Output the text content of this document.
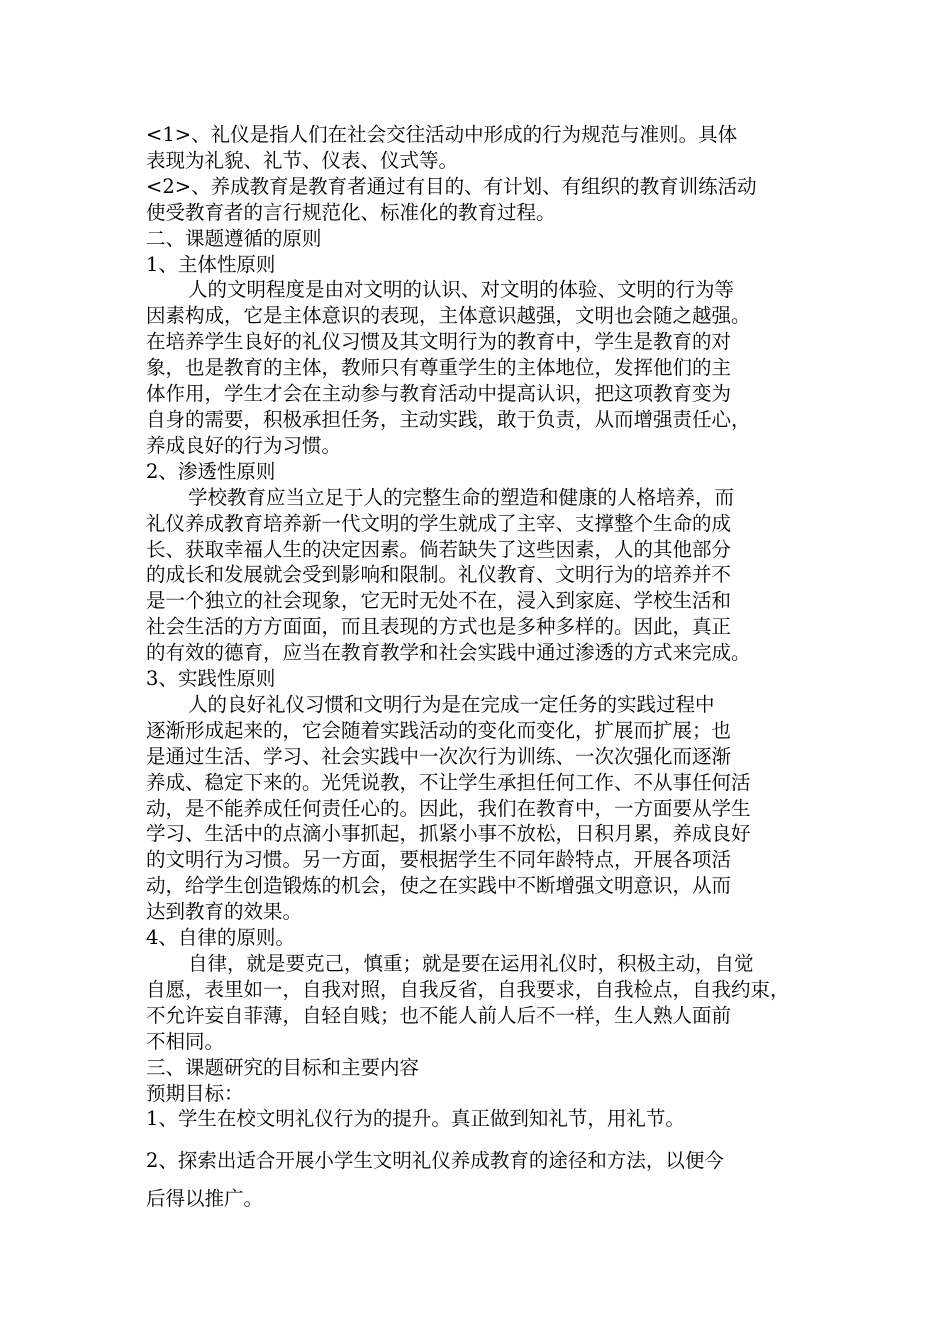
<1>、礼仪是指人们在社会交往活动中形成的行为规范与准则。具体
表现为礼貌、礼节、仪表、仪式等。
<2>、养成教育是教育者通过有目的、有计划、有组织的教育训练活动
使受教育者的言行规范化、标准化的教育过程。
二、课题遵循的原则
1、主体性原则
人的文明程度是由对文明的认识、对文明的体验、文明的行为等
因素构成，它是主体意识的表现，主体意识越强，文明也会随之越强。
在培养学生良好的礼仪习惯及其文明行为的教育中，学生是教育的对
象，也是教育的主体，教师只有尊重学生的主体地位，发挥他们的主
体作用，学生才会在主动参与教育活动中提高认识，把这项教育变为
自身的需要，积极承担任务，主动实践，敢于负责，从而增强责任心，
养成良好的行为习惯。
2、渗透性原则
学校教育应当立足于人的完整生命的塑造和健康的人格培养，而
礼仪养成教育培养新一代文明的学生就成了主宰、支撑整个生命的成
长、获取幸福人生的决定因素。倘若缺失了这些因素，人的其他部分
的成长和发展就会受到影响和限制。礼仪教育、文明行为的培养并不
是一个独立的社会现象，它无时无处不在，浸入到家庭、学校生活和
社会生活的方方面面，而且表现的方式也是多种多样的。因此，真正
的有效的德育，应当在教育教学和社会实践中通过渗透的方式来完成。
3、实践性原则
人的良好礼仪习惯和文明行为是在完成一定任务的实践过程中
逐渐形成起来的，它会随着实践活动的变化而变化，扩展而扩展；也
是通过生活、学习、社会实践中一次次行为训练、一次次强化而逐渐
养成、稳定下来的。光凭说教，不让学生承担任何工作、不从事任何活
动，是不能养成任何责任心的。因此，我们在教育中，一方面要从学生
学习、生活中的点滴小事抓起，抓紧小事不放松，日积月累，养成良好
的文明行为习惯。另一方面，要根据学生不同年龄特点，开展各项活
动，给学生创造锻炼的机会，使之在实践中不断增强文明意识，从而
达到教育的效果。
4、自律的原则。
自律，就是要克己，慎重；就是要在运用礼仪时，积极主动，自觉
自愿，表里如一，自我对照，自我反省，自我要求，自我检点，自我约束，
不允许妄自菲薄，自轻自贱；也不能人前人后不一样，生人熟人面前
不相同。
三、课题研究的目标和主要内容
预期目标：
1、学生在校文明礼仪行为的提升。真正做到知礼节，用礼节。
2、探索出适合开展小学生文明礼仪养成教育的途径和方法，以便今
后得以推广。
